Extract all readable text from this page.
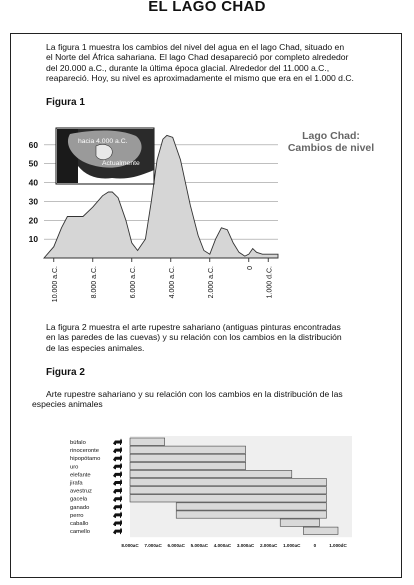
EL LAGO CHAD
La figura 1 muestra los cambios del nivel del agua en el lago Chad, situado en
el Norte del África sahariana. El lago Chad desapareció por completo alrededor
del 20.000 a.C., durante la última época glacial. Alrededor del 11.000 a.C.,
reapareció. Hoy, su nivel es aproximadamente el mismo que era en el 1.000 d.C.
Figura 1
hacia 4.000 a.C.
Actualmente
10
20
30
40
50
60
10.000 a.C.	8.000 a.C.	6.000 a.C.	4.000 a.C.	2.000 a.C.	0 1.000 d.C.
Lago Chad:
Cambios de nivel
La figura 2 muestra el arte rupestre sahariano (antiguas pinturas encontradas
en las paredes de las cuevas) y su relación con los cambios en la distribución
de las especies animales.
Figura 2
Arte rupestre sahariano y su relación con los cambios en la distribución de las
especies animales
búfalo
rinoceronte
hipopótamo
uro
elefante
jirafa
avestruz
gacela
ganado
perro
caballo
camello
8.000aC 7.000aC 6.000aC 5.000aC 4.000aC 3.000aC 2.000aC 1.000aC	0	1.000dC
